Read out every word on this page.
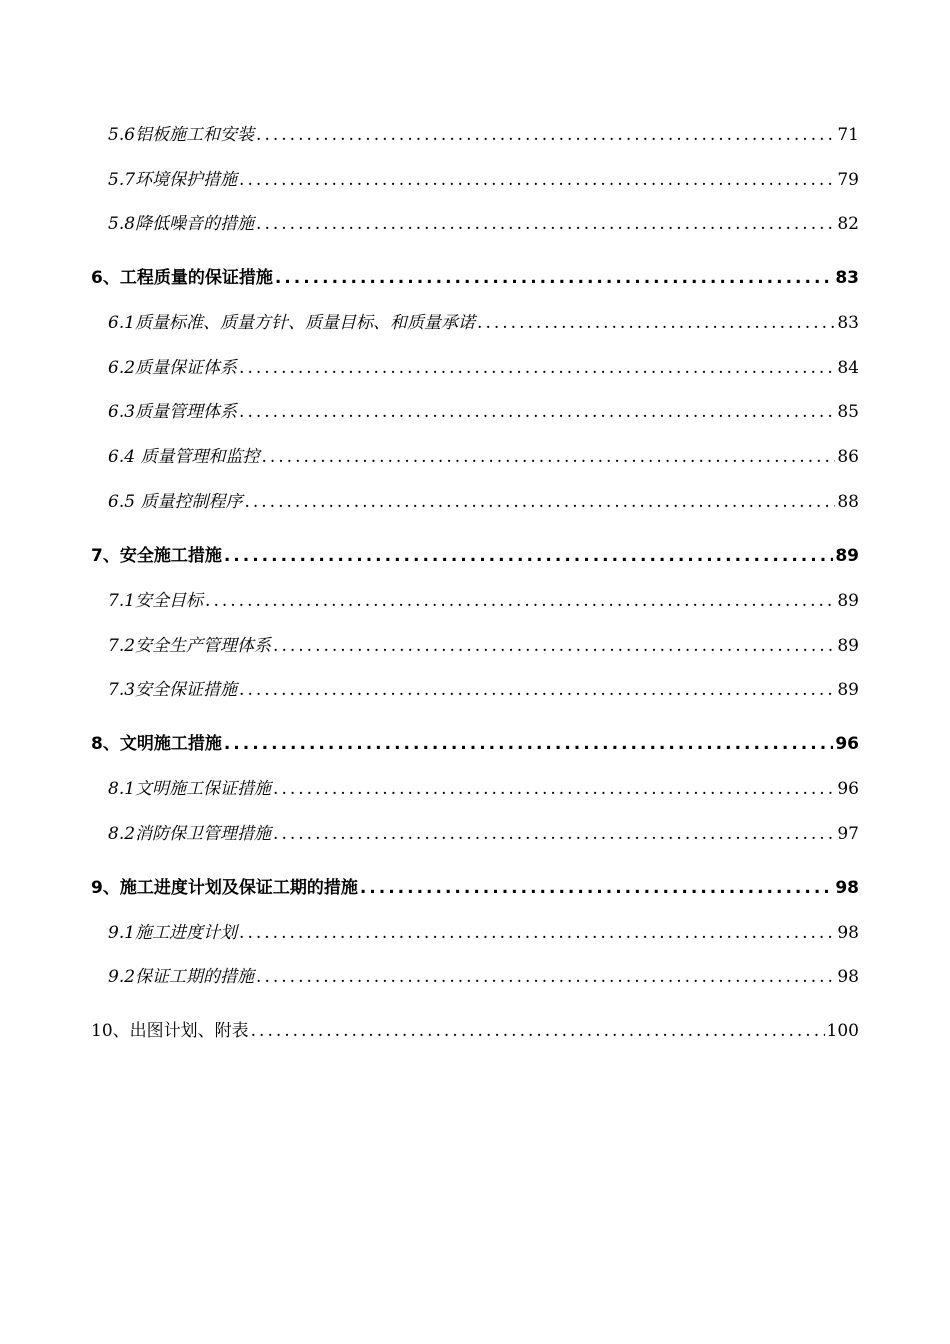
5.6铝板施工和安装 .....	71
5.7环境保护措施 .....	79
5.8降低噪音的措施 .....	82
6、工程质量的保证措施 .....	83
6.1质量标准、质量方针、质量目标、和质量承诺 .....	83
6.2质量保证体系 .....	84
6.3质量管理体系 .....	85
6.4 质量管理和监控 .....	86
6.5 质量控制程序 .....	88
7、安全施工措施 .....	89
7.1安全目标 .....	89
7.2安全生产管理体系 .....	89
7.3安全保证措施 .....	89
8、文明施工措施 .....	96
8.1文明施工保证措施 .....	96
8.2消防保卫管理措施 .....	97
9、施工进度计划及保证工期的措施 .....	98
9.1施工进度计划 .....	98
9.2保证工期的措施 .....	98
10、出图计划、附表 .....	100
